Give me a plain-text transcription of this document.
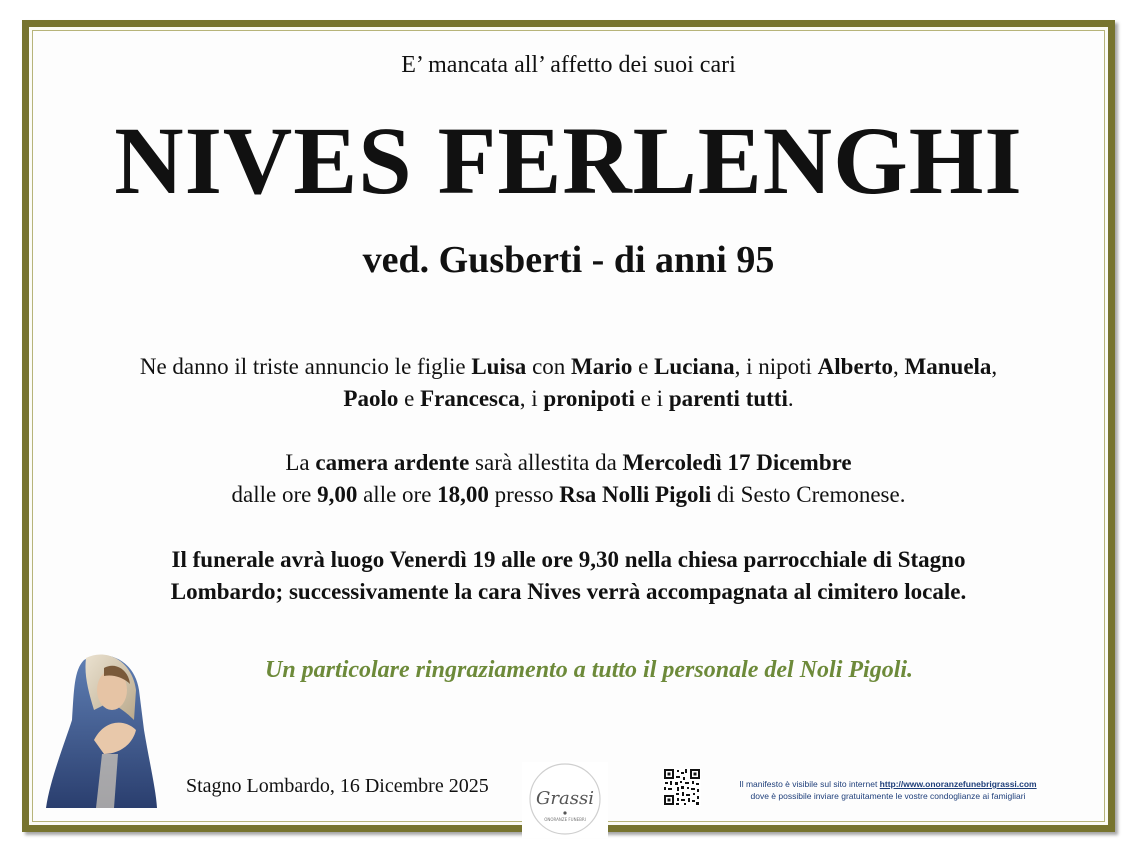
E’ mancata all’ affetto dei suoi cari
NIVES FERLENGHI
ved. Gusberti - di anni 95
Ne danno il triste annuncio le figlie Luisa con Mario e Luciana, i nipoti Alberto, Manuela,
Paolo e Francesca, i pronipoti e i parenti tutti.
La camera ardente sarà allestita da Mercoledì 17 Dicembre
dalle ore 9,00 alle ore 18,00 presso Rsa Nolli Pigoli di Sesto Cremonese.
Il funerale avrà luogo Venerdì 19 alle ore 9,30 nella chiesa parrocchiale di Stagno
Lombardo; successivamente la cara Nives verrà accompagnata al cimitero locale.
Un particolare ringraziamento a tutto il personale del Noli Pigoli.
Stagno Lombardo, 16 Dicembre 2025
Grassi
ONORANZE FUNEBRI
Il manifesto è visibile sul sito internet http://www.onoranzefunebrigrassi.com
dove è possibile inviare gratuitamente le vostre condoglianze ai famigliari
